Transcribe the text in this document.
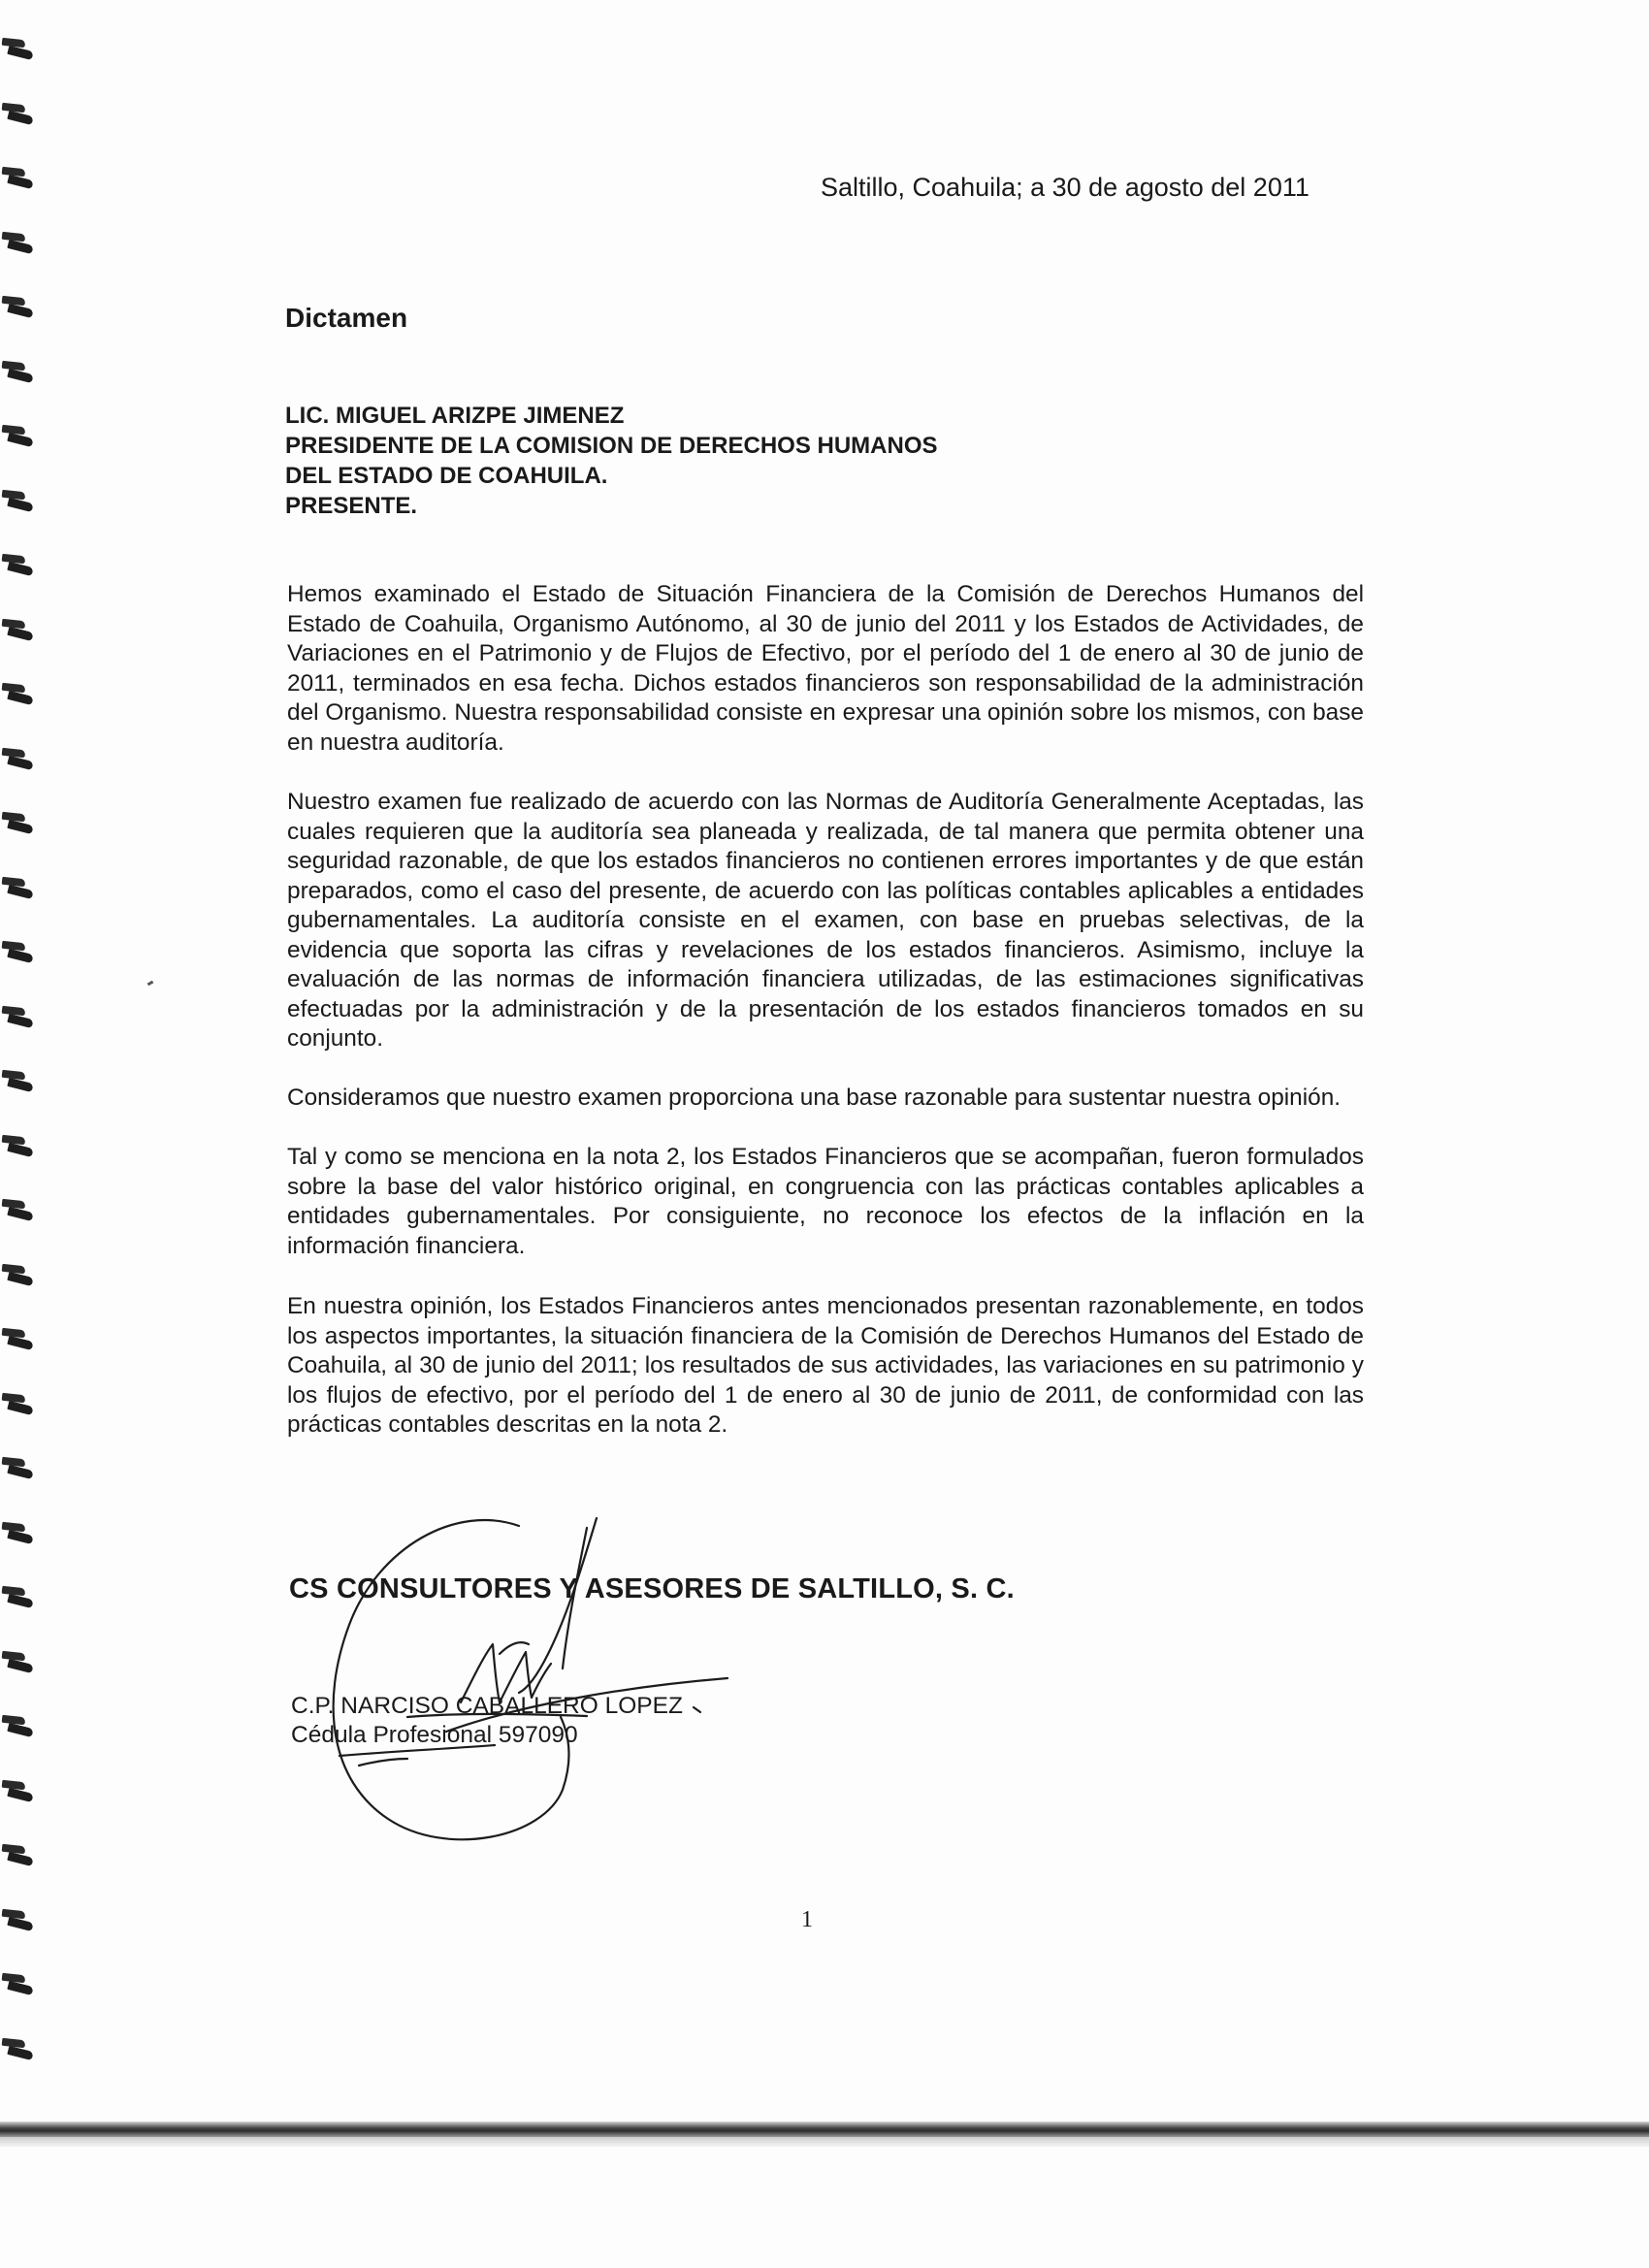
Saltillo, Coahuila; a 30 de agosto del 2011
Dictamen
LIC. MIGUEL ARIZPE JIMENEZ
PRESIDENTE DE LA COMISION DE DERECHOS HUMANOS
DEL ESTADO DE COAHUILA.
PRESENTE.

Hemos examinado el Estado de Situación Financiera de la Comisión de Derechos Humanos del Estado de Coahuila, Organismo Autónomo, al 30 de junio del 2011 y los Estados de Actividades, de Variaciones en el Patrimonio y de Flujos de Efectivo, por el período del 1 de enero al 30 de junio de 2011, terminados en esa fecha. Dichos estados financieros son responsabilidad de la administración del Organismo. Nuestra responsabilidad consiste en expresar una opinión sobre los mismos, con base en nuestra auditoría.

Nuestro examen fue realizado de acuerdo con las Normas de Auditoría Generalmente Aceptadas, las cuales requieren que la auditoría sea planeada y realizada, de tal manera que permita obtener una seguridad razonable, de que los estados financieros no contienen errores importantes y de que están preparados, como el caso del presente, de acuerdo con las políticas contables aplicables a entidades gubernamentales. La auditoría consiste en el examen, con base en pruebas selectivas, de la evidencia que soporta las cifras y revelaciones de los estados financieros. Asimismo, incluye la evaluación de las normas de información financiera utilizadas, de las estimaciones significativas efectuadas por la administración y de la presentación de los estados financieros tomados en su conjunto.

Consideramos que nuestro examen proporciona una base razonable para sustentar nuestra opinión.

Tal y como se menciona en la nota 2, los Estados Financieros que se acompañan, fueron formulados sobre la base del valor histórico original, en congruencia con las prácticas contables aplicables a entidades gubernamentales. Por consiguiente, no reconoce los efectos de la inflación en la información financiera.

En nuestra opinión, los Estados Financieros antes mencionados presentan razonablemente, en todos los aspectos importantes, la situación financiera de la Comisión de Derechos Humanos del Estado de Coahuila, al 30 de junio del 2011; los resultados de sus actividades, las variaciones en su patrimonio y los flujos de efectivo, por el período del 1 de enero al 30 de junio de 2011, de conformidad con las prácticas contables descritas en la nota 2.

CS CONSULTORES Y ASESORES DE SALTILLO, S. C.
C.P. NARCISO CABALLERO LOPEZ
Cédula Profesional 597090
1
